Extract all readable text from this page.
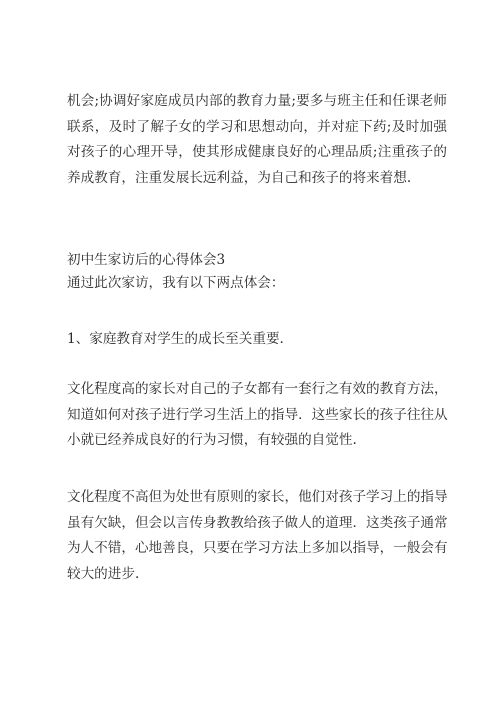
机会;协调好家庭成员内部的教育力量;要多与班主任和任课老师
联系，及时了解子女的学习和思想动向，并对症下药;及时加强
对孩子的心理开导，使其形成健康良好的心理品质;注重孩子的
养成教育，注重发展长远利益，为自己和孩子的将来着想.
初中生家访后的心得体会3
通过此次家访，我有以下两点体会：
1、家庭教育对学生的成长至关重要.
文化程度高的家长对自己的子女都有一套行之有效的教育方法，
知道如何对孩子进行学习生活上的指导．这些家长的孩子往往从
小就已经养成良好的行为习惯，有较强的自觉性.
文化程度不高但为处世有原则的家长，他们对孩子学习上的指导
虽有欠缺，但会以言传身教教给孩子做人的道理．这类孩子通常
为人不错，心地善良，只要在学习方法上多加以指导，一般会有
较大的进步.
